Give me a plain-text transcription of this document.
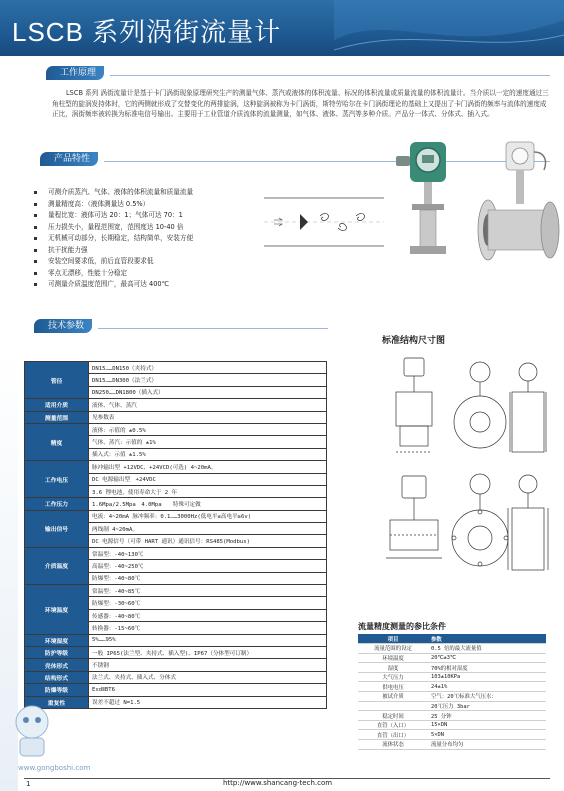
LSCB 系列涡街流量计
工作原理

LSCB 系列 涡街流量计是基于卡门涡街现象原理研究生产的测量气体、蒸汽或液体的体积流量、标况的体积流量或质量流量的体积流量计。当介质以一定的速度通过三角柱型的旋涡发持体时，它的两侧就形成了交替变化的两排旋涡，这种旋涡被称为卡门涡街，斯特劳哈尔在卡门涡街理论的基础上又提出了卡门涡街的频率与流体的速度成正比，涡街频率被转换为标准电信号输出。主要用于工业管道介质流体的流量测量，如气体、液体、蒸汽等多种介质。产品分一体式、分体式、插入式。

产品特性
可测介质蒸汽、气体、液体的体积流量和质量流量
测量精度高：（液体测量达 0.5%）
量程比宽：液体可达 20：1；气体可达 70：1
压力损失小，量程范围宽，范围度达 10-40 倍
无机械可动部分，长期稳定，结构简单，安装方便
抗干扰能力强
安装空间要求低，前后直管段要求低
零点无漂移，性能十分稳定
可测量介质温度范围广，最高可达 400℃
技术参数
管径	DN15……DN150（夹持式）
	DN15……DN300（法兰式）
	DN250……DN1800（插入式）
适用介质	液体、气体、蒸汽
测量范围	见参数表
精度	液体：示值的 ±0.5%
	气体、蒸汽：示值的 ±1%
	插入式：示值 ±1.5%
工作电压	脉冲输出型 +12VDC、+24VCD(可选) 4~20mA。
	DC 电源输出型　+24VDC
	3.6 锂电池，使用寿命大于 2 年
工作压力	1.6Mpa/2.5Mpa　4.0Mpa　　特殊可定做
输出信号	电流：4~20mA 脉冲频率：0.1……3000Hz(低电平≤高电平≥6v)
	两线制 4~20mA。
	DC 电源信号（可带 HART 通讯）通讯信号：RS485(Modbus)
介质温度	常温型：-40~130℃
	高温型：-40~250℃
	防爆型：-40~80℃
环境温度	常温型：-40~85℃
	防爆型：-30~60℃
	传感器：-40~80℃
	转换器：-15~60℃
环境湿度	5%……95%
防护等级	一般 IP65(法兰型、夹持式、插入型)、IP67（分体型可订制）
壳体形式	不锈钢
结构形式	法兰式、夹持式、插入式、分体式
防爆等级	ExdⅡBT6
重复性	误差不超过 N=1.5
标准结构尺寸图
流量精度测量的参比条件
项目	参数
流量范围的设定	0.5 倍的最大流量值
环境温度	20℃±3℃
湿度	70%的相对湿度
大气压力	103±10KPa
供电电压	24±1%
被试介质	空气：20℃标准大气压水：
	20℃压力 3bar
稳定时间	25 分钟
直管（入口）	15×DN
直管（出口）	5×DN
流体状态	流量分布均匀
www.gongboshi.com
1	http://www.shancang-tech.com
